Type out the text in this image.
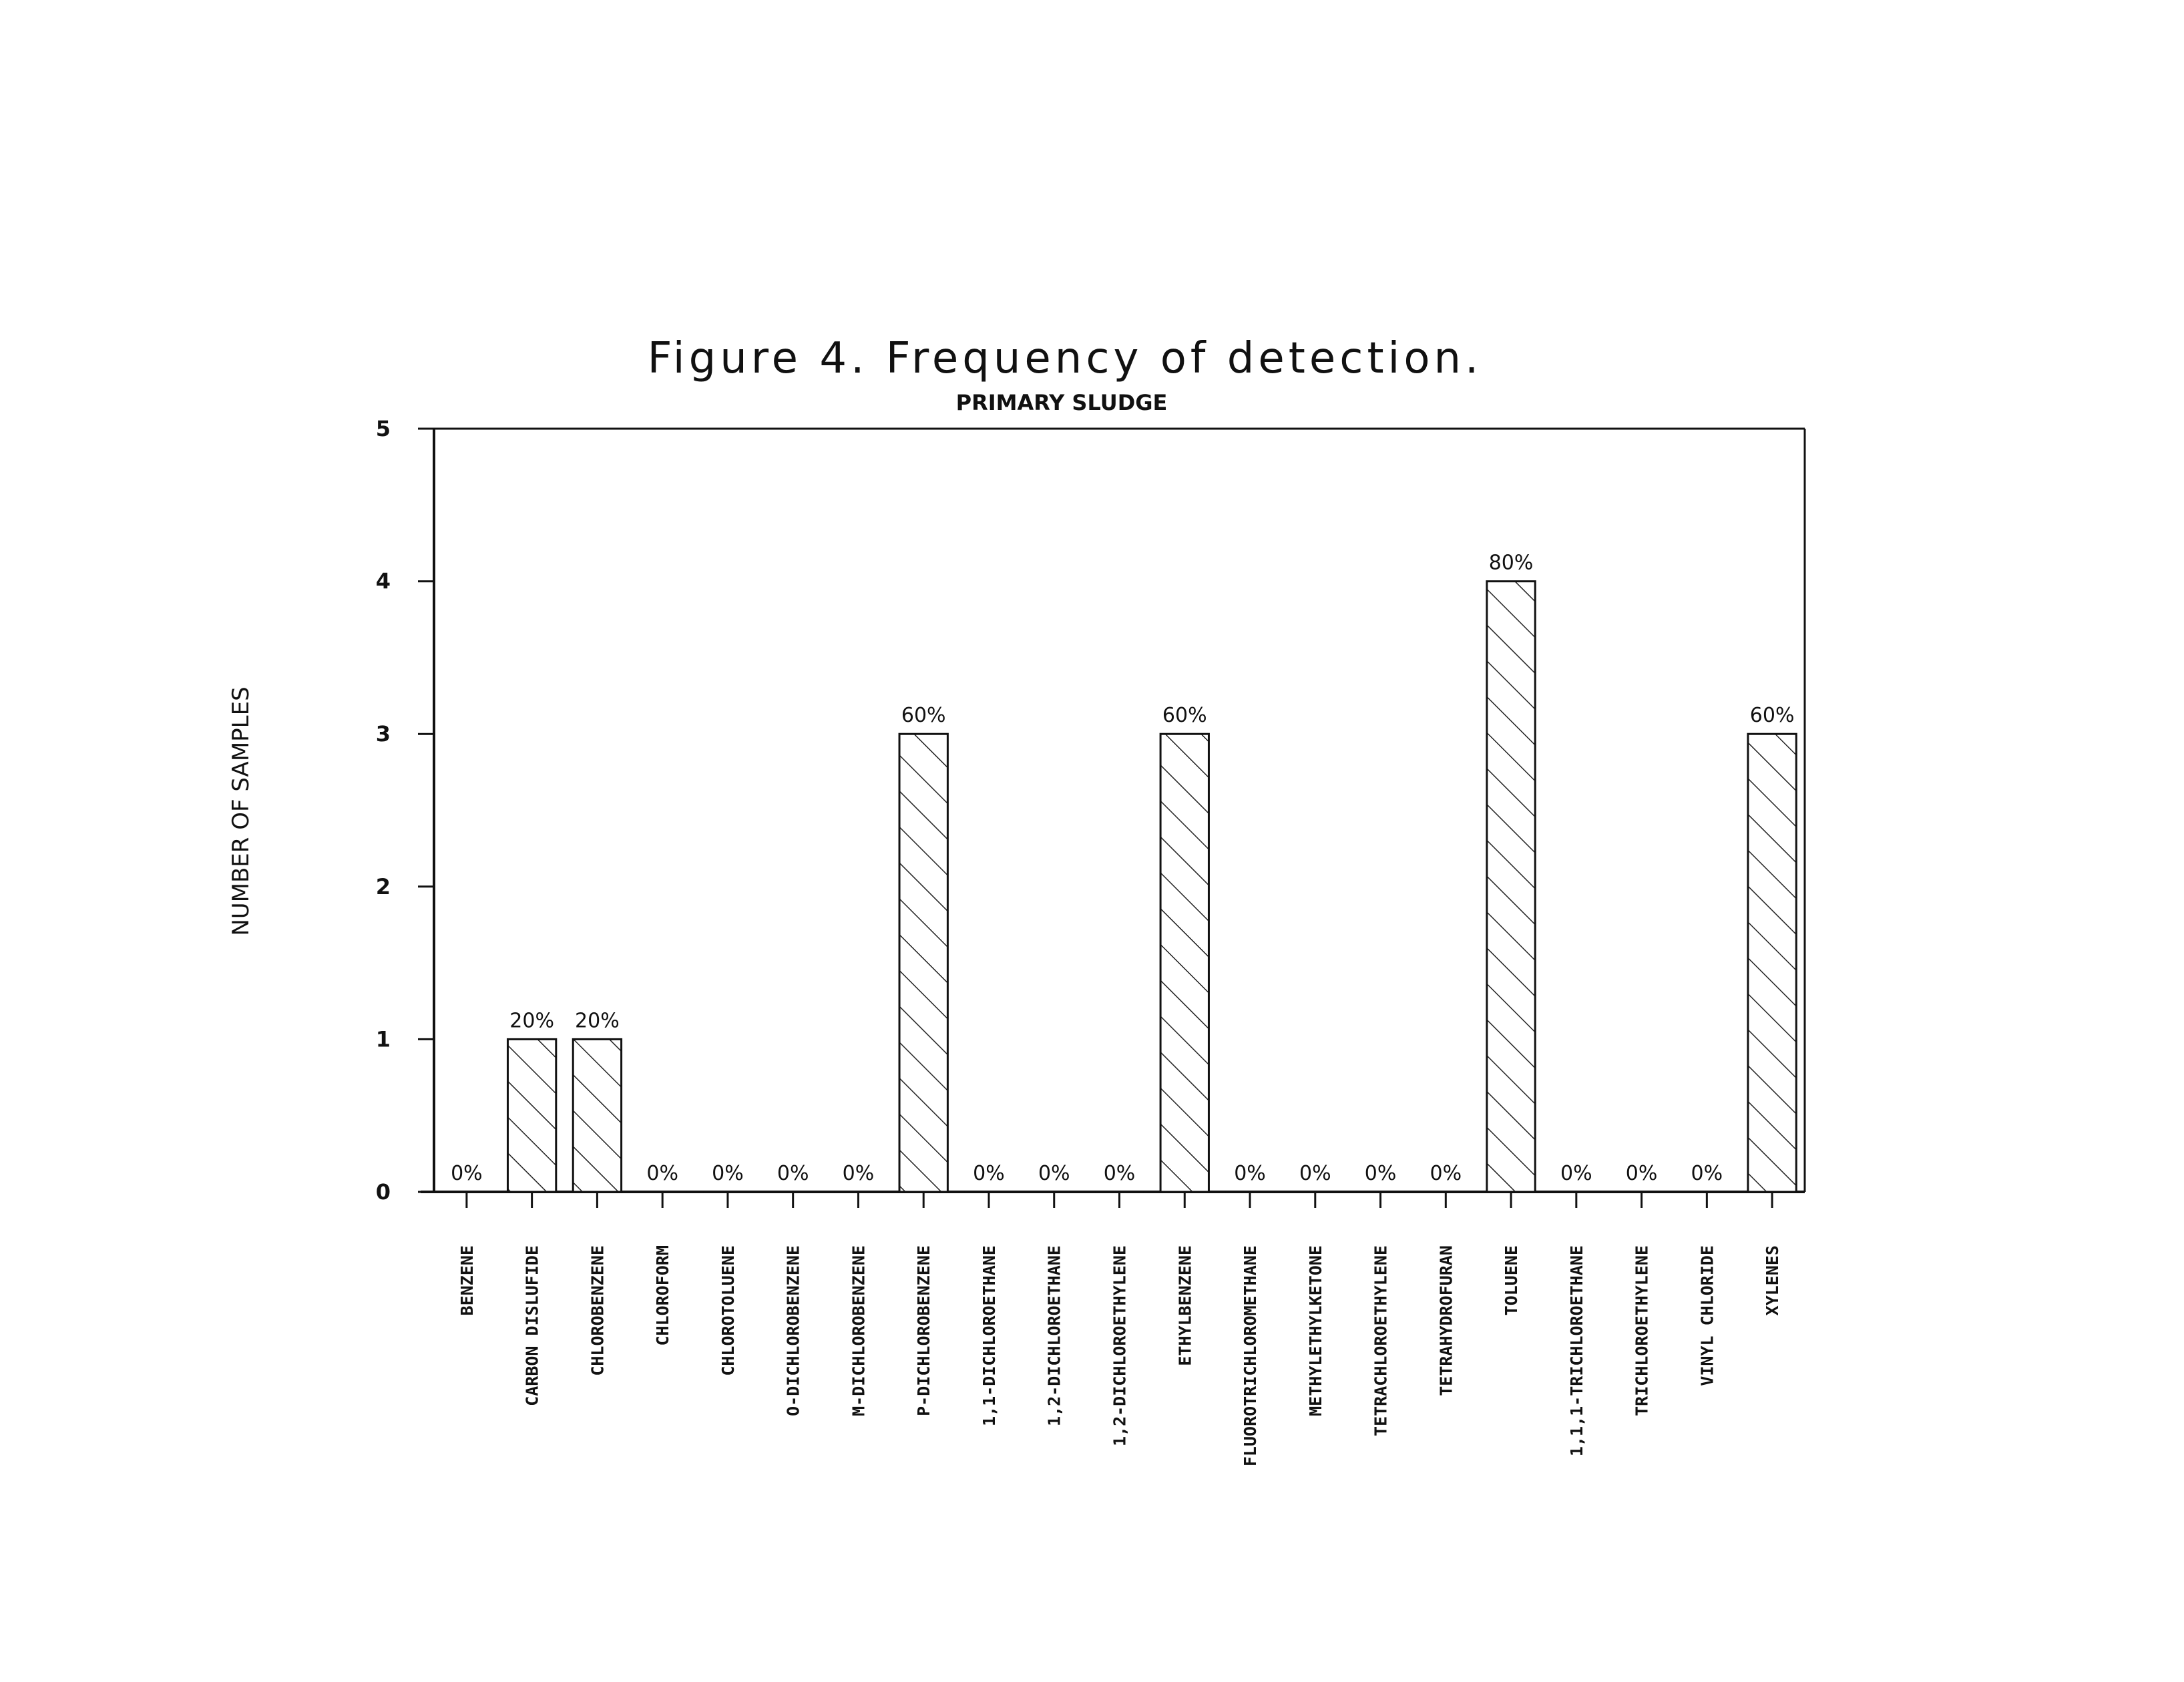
Figure 4. Frequency of detection.
PRIMARY SLUDGE
NUMBER OF SAMPLES
0%
20% 20%
0% 0% 0% 0%
60%
0% 0% 0%
60%
0% 0% 0% 0%
80%
0% 0% 0%
60%
0
1
2
3
4
5
BENZENE	CARBON DISLUFIDE	CHLOROBENZENE	CHLOROFORM	CHLOROTOLUENE	O-DICHLOROBENZENE	M-DICHLOROBENZENE	P-DICHLOROBENZENE	1,1-DICHLOROETHANE	1,2-DICHLOROETHANE	1,2-DICHLOROETHYLENE	ETHYLBENZENE	FLUOROTRICHLOROMETHANE	METHYLETHYLKETONE	TETRACHLOROETHYLENE	TETRAHYDROFURAN	TOLUENE	1,1,1-TRICHLOROETHANE	TRICHLOROETHYLENE	VINYL CHLORIDE	XYLENES
